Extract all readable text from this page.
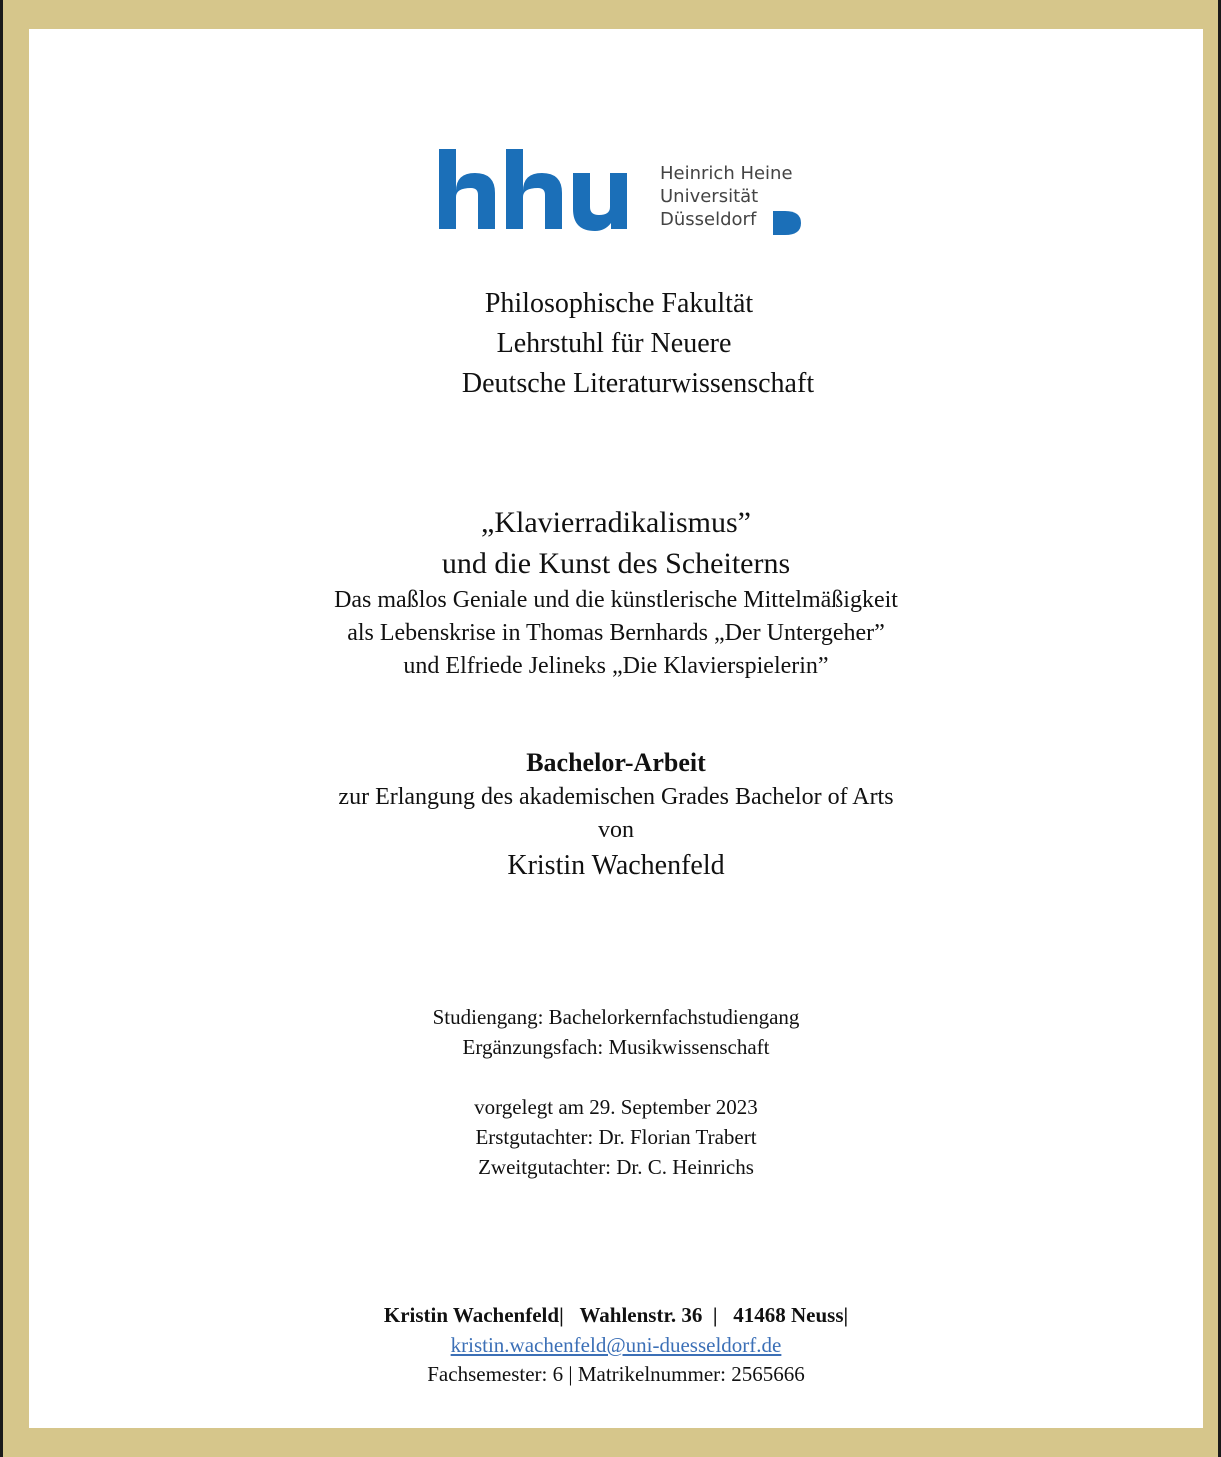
Heinrich Heine
Universität
Düsseldorf
Philosophische Fakultät
Lehrstuhl für Neuere
Deutsche Literaturwissenschaft
„Klavierradikalismus”
und die Kunst des Scheiterns
Das maßlos Geniale und die künstlerische Mittelmäßigkeit
als Lebenskrise in Thomas Bernhards „Der Untergeher”
und Elfriede Jelineks „Die Klavierspielerin”
Bachelor-Arbeit
zur Erlangung des akademischen Grades Bachelor of Arts
von
Kristin Wachenfeld
Studiengang: Bachelorkernfachstudiengang
Ergänzungsfach: Musikwissenschaft
vorgelegt am 29. September 2023
Erstgutachter: Dr. Florian Trabert
Zweitgutachter: Dr. C. Heinrichs
Kristin Wachenfeld| Wahlenstr. 36 | 41468 Neuss|
kristin.wachenfeld@uni-duesseldorf.de
Fachsemester: 6 | Matrikelnummer: 2565666
